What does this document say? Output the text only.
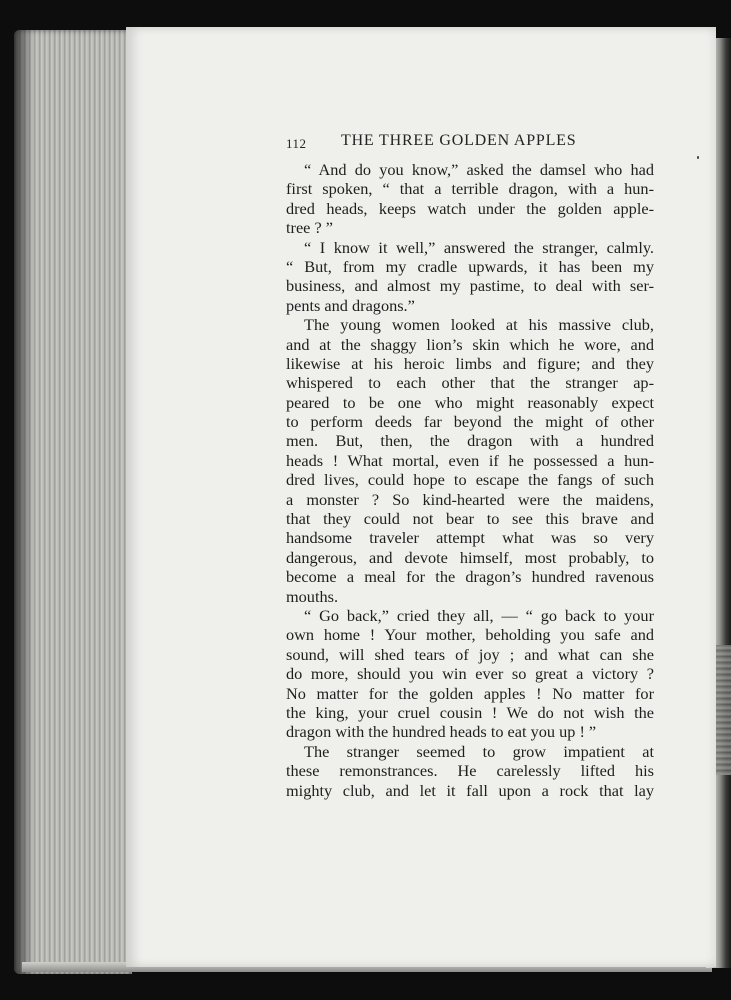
112 THE THREE GOLDEN APPLES
“ And do you know,” asked the damsel who had
first spoken, “ that a terrible dragon, with a hun-
dred heads, keeps watch under the golden apple-
tree ? ”
“ I know it well,” answered the stranger, calmly.
“ But, from my cradle upwards, it has been my
business, and almost my pastime, to deal with ser-
pents and dragons.”
The young women looked at his massive club,
and at the shaggy lion’s skin which he wore, and
likewise at his heroic limbs and figure; and they
whispered to each other that the stranger ap-
peared to be one who might reasonably expect
to perform deeds far beyond the might of other
men. But, then, the dragon with a hundred
heads ! What mortal, even if he possessed a hun-
dred lives, could hope to escape the fangs of such
a monster ? So kind-hearted were the maidens,
that they could not bear to see this brave and
handsome traveler attempt what was so very
dangerous, and devote himself, most probably, to
become a meal for the dragon’s hundred ravenous
mouths.
“ Go back,” cried they all, — “ go back to your
own home ! Your mother, beholding you safe and
sound, will shed tears of joy ; and what can she
do more, should you win ever so great a victory ?
No matter for the golden apples ! No matter for
the king, your cruel cousin ! We do not wish the
dragon with the hundred heads to eat you up ! ”
The stranger seemed to grow impatient at
these remonstrances. He carelessly lifted his
mighty club, and let it fall upon a rock that lay
